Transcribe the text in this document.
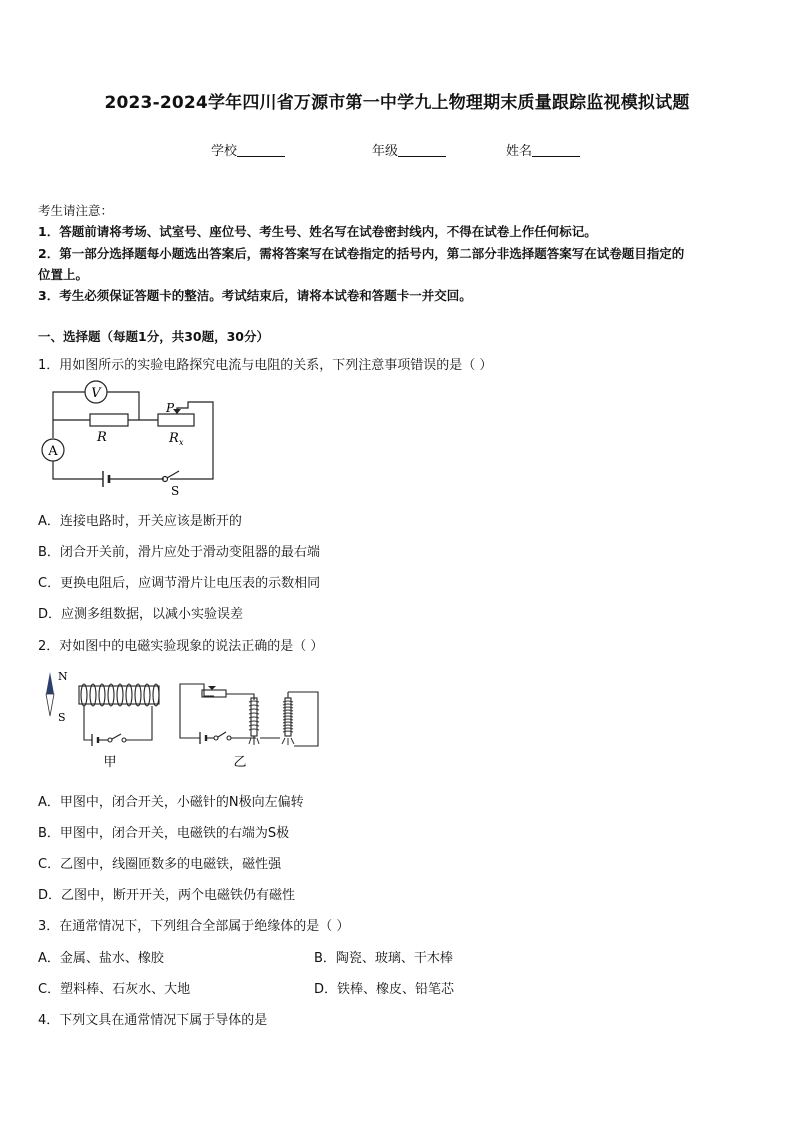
2023-2024学年四川省万源市第一中学九上物理期末质量跟踪监视模拟试题
学校	年级	姓名
考生请注意：
1．答题前请将考场、试室号、座位号、考生号、姓名写在试卷密封线内，不得在试卷上作任何标记。
2．第一部分选择题每小题选出答案后，需将答案写在试卷指定的括号内，第二部分非选择题答案写在试卷题目指定的
位置上。
3．考生必须保证答题卡的整洁。考试结束后，请将本试卷和答题卡一并交回。
一、选择题（每题1分，共30题，30分）
1．用如图所示的实验电路探究电流与电阻的关系，下列注意事项错误的是（ ）
V
A
R	R x
P
S
A．连接电路时，开关应该是断开的
B．闭合开关前，滑片应处于滑动变阻器的最右端
C．更换电阻后，应调节滑片让电压表的示数相同
D．应测多组数据，以减小实验误差
2．对如图中的电磁实验现象的说法正确的是（ ）
N
S
甲	乙
A．甲图中，闭合开关，小磁针的N极向左偏转
B．甲图中，闭合开关，电磁铁的右端为S极
C．乙图中，线圈匝数多的电磁铁，磁性强
D．乙图中，断开开关，两个电磁铁仍有磁性
3．在通常情况下，下列组合全部属于绝缘体的是（ ）
A．金属、盐水、橡胶	B．陶瓷、玻璃、干木棒
C．塑料棒、石灰水、大地	D．铁棒、橡皮、铅笔芯
4．下列文具在通常情况下属于导体的是
